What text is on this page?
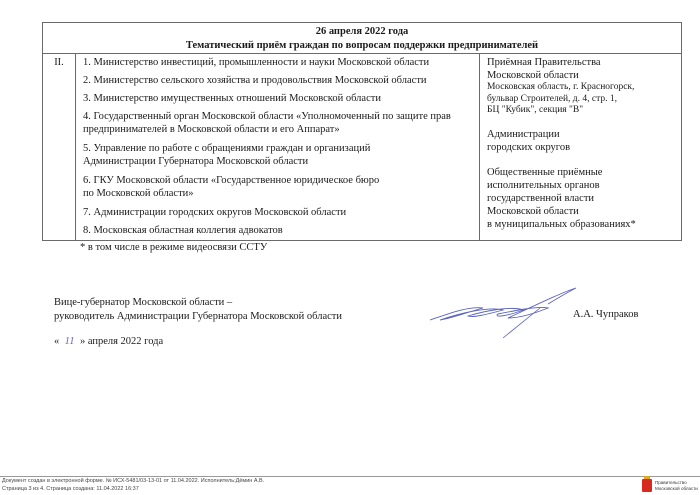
26 апреля 2022 года
Тематический приём граждан по вопросам поддержки предпринимателей
II.	1. Министерство инвестиций, промышленности и науки Московской области
2. Министерство сельского хозяйства и продовольствия Московской области
3. Министерство имущественных отношений Московской области
4. Государственный орган Московской области «Уполномоченный по защите прав
предпринимателей в Московской области и его Аппарат»
5. Управление по работе с обращениями граждан и организаций
Администрации Губернатора Московской области
6. ГКУ Московской области «Государственное юридическое бюро
по Московской области»
7. Администрации городских округов Московской области
8. Московская областная коллегия адвокатов
Приёмная Правительства
Московской области
Московская область, г. Красногорск,
бульвар Строителей, д. 4, стр. 1,
БЦ "Кубик", секция "В"
Администрации
городских округов
Общественные приёмные
исполнительных органов
государственной власти
Московской области
в муниципальных образованиях*
* в том числе в режиме видеосвязи ССТУ
Вице-губернатор Московской области –
руководитель Администрации Губернатора Московской области	А.А. Чупраков
« 11 » апреля 2022 года
Документ создан в электронной форме. № ИСХ-5481/03-13-01 от 11.04.2022. Исполнитель:Дёмин А.В.
Страница 3 из 4. Страница создана: 11.04.2022 16:37
Правительство
Московской области
